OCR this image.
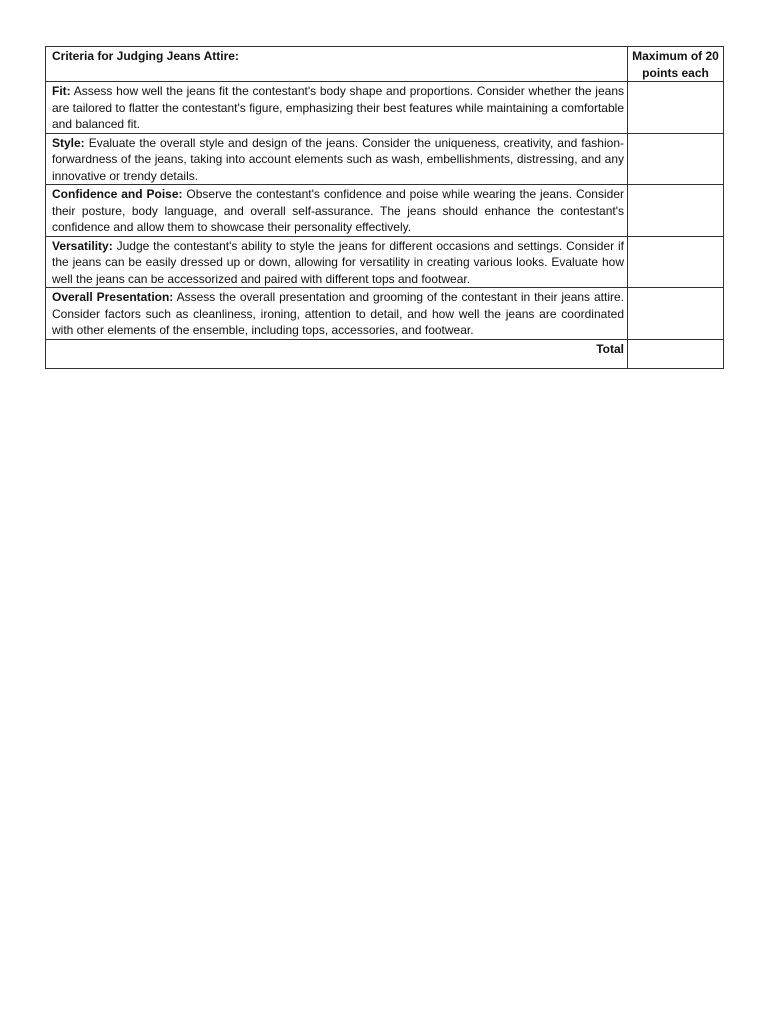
Criteria for Judging Jeans Attire:	Maximum of 20 points each
Fit: Assess how well the jeans fit the contestant's body shape and proportions. Consider whether the jeans are tailored to flatter the contestant's figure, emphasizing their best features while maintaining a comfortable and balanced fit.	
Style: Evaluate the overall style and design of the jeans. Consider the uniqueness, creativity, and fashion-forwardness of the jeans, taking into account elements such as wash, embellishments, distressing, and any innovative or trendy details.	
Confidence and Poise: Observe the contestant's confidence and poise while wearing the jeans. Consider their posture, body language, and overall self-assurance. The jeans should enhance the contestant's confidence and allow them to showcase their personality effectively.	
Versatility: Judge the contestant's ability to style the jeans for different occasions and settings. Consider if the jeans can be easily dressed up or down, allowing for versatility in creating various looks. Evaluate how well the jeans can be accessorized and paired with different tops and footwear.	
Overall Presentation: Assess the overall presentation and grooming of the contestant in their jeans attire. Consider factors such as cleanliness, ironing, attention to detail, and how well the jeans are coordinated with other elements of the ensemble, including tops, accessories, and footwear.	
Total	
